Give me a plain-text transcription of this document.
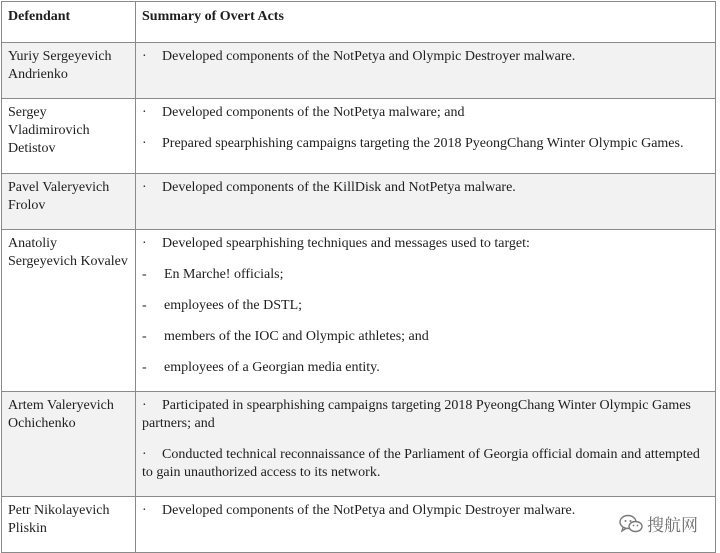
Defendant	Summary of Overt Acts

Yuriy Sergeyevich
Andrienko	· Developed components of the NotPetya and Olympic Destroyer malware.

Sergey
Vladimirovich
Detistov	· Developed components of the NotPetya malware; and
· Prepared spearphishing campaigns targeting the 2018 PyeongChang Winter Olympic Games.

Pavel Valeryevich
Frolov	· Developed components of the KillDisk and NotPetya malware.

Anatoliy
Sergeyevich Kovalev	· Developed spearphishing techniques and messages used to target:
- En Marche! officials;
- employees of the DSTL;
- members of the IOC and Olympic athletes; and
- employees of a Georgian media entity.

Artem Valeryevich
Ochichenko	· Participated in spearphishing campaigns targeting 2018 PyeongChang Winter Olympic Games partners; and
· Conducted technical reconnaissance of the Parliament of Georgia official domain and attempted to gain unauthorized access to its network.

Petr Nikolayevich
Pliskin	· Developed components of the NotPetya and Olympic Destroyer malware.
搜航网
